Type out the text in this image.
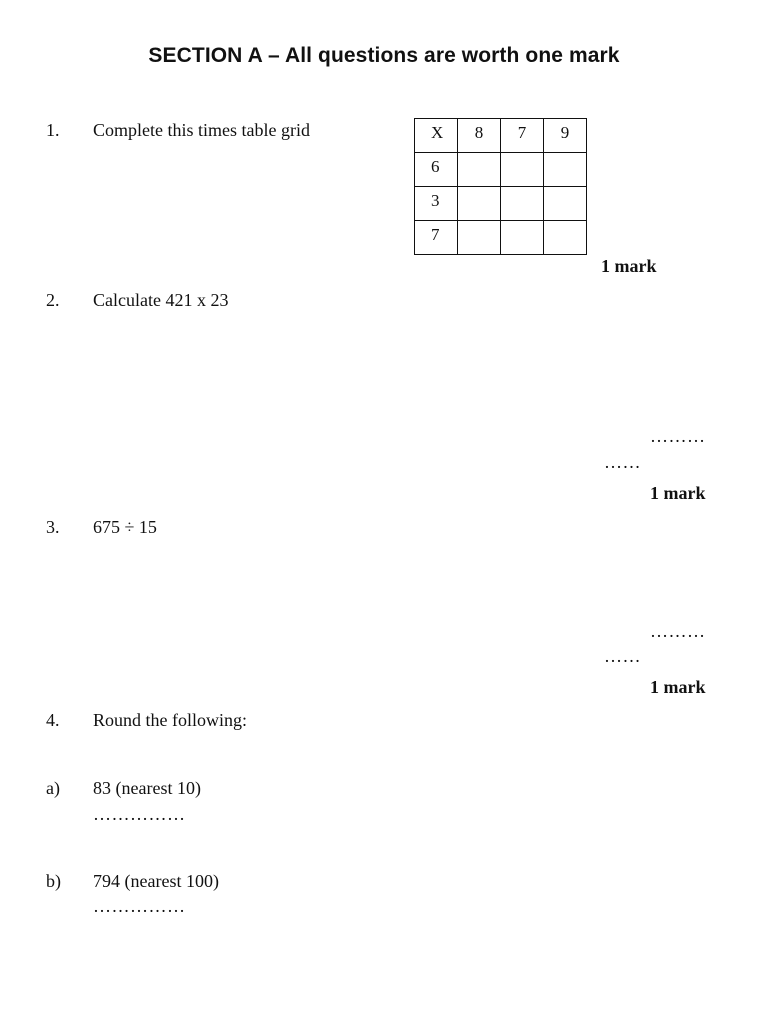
SECTION A – All questions are worth one mark
1. Complete this times table grid	X	8	7	9
6			
3			
7			
1 mark
2. Calculate 421 x 23
………
……
1 mark
3. 675 ÷ 15
………
……
1 mark
4. Round the following:
a) 83 (nearest 10)
……………
b) 794 (nearest 100)
……………
